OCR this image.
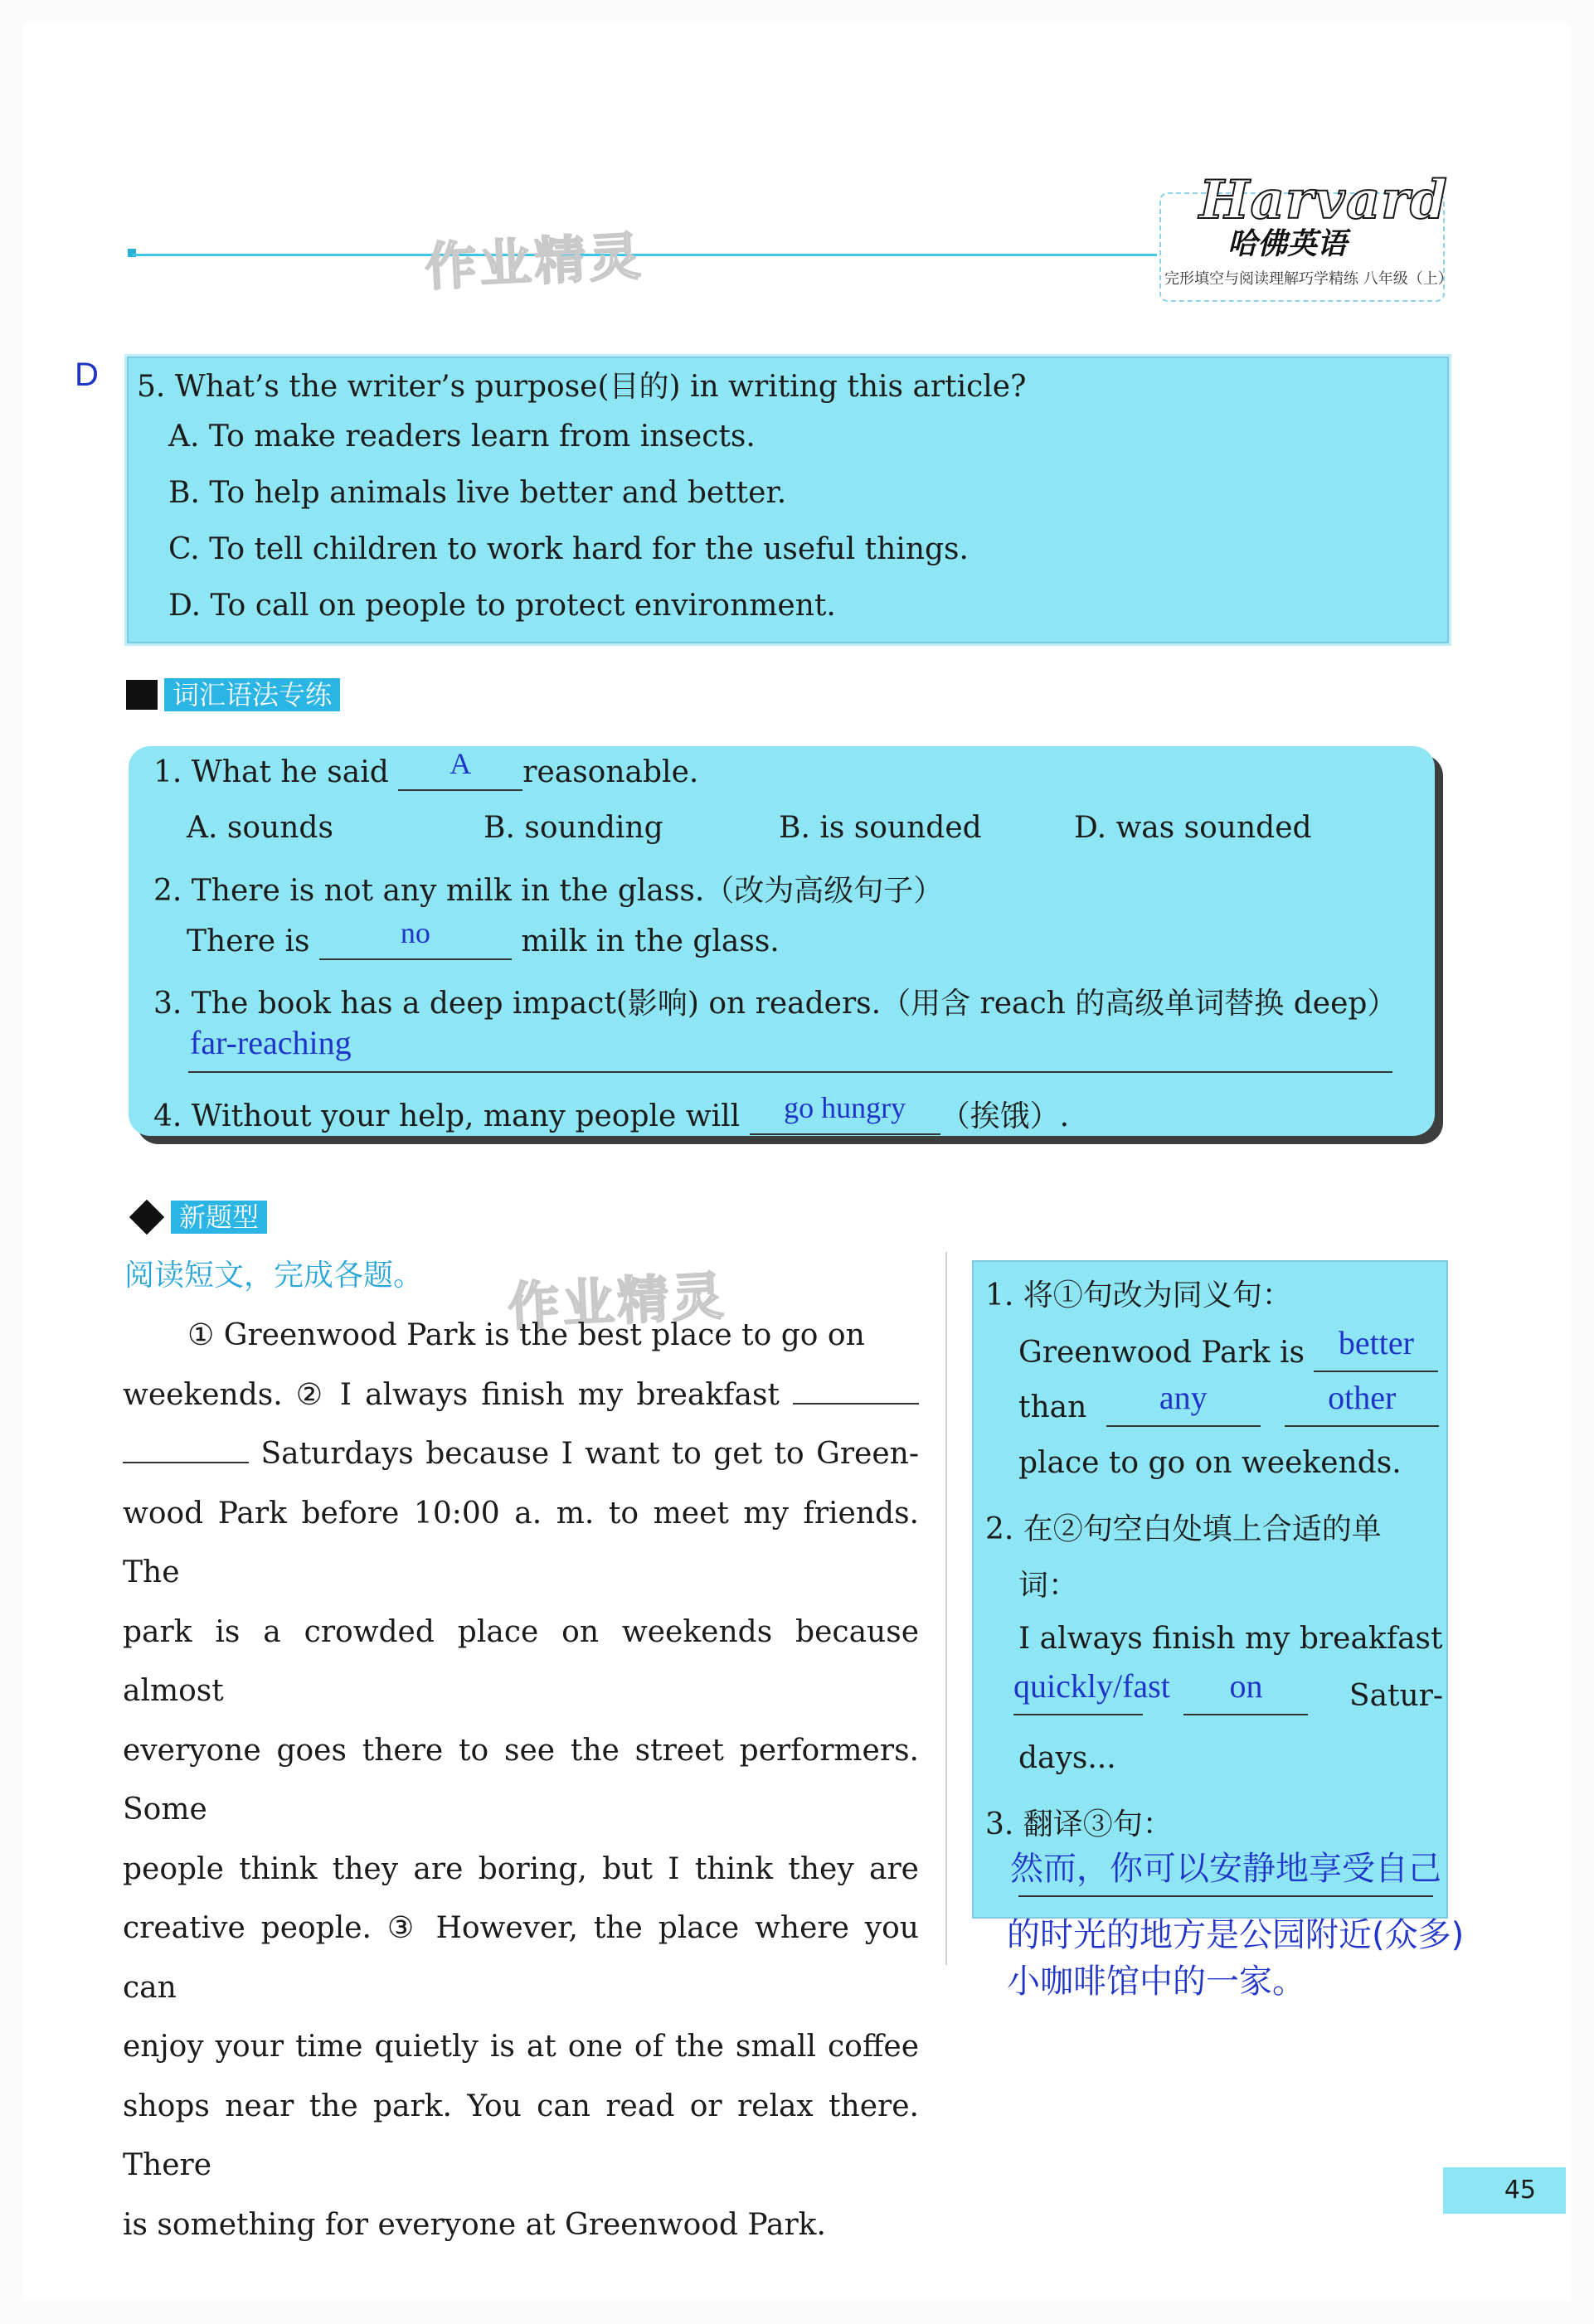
作业精灵
Harvard
哈佛英语
完形填空与阅读理解巧学精练 八年级（上）
D 5. What’s the writer’s purpose(目的) in writing this article?
A. To make readers learn from insects.
B. To help animals live better and better.
C. To tell children to work hard for the useful things.
D. To call on people to protect environment.
词汇语法专练
1. What he said A reasonable.
A. sounds	B. sounding	B. is sounded	D. was sounded
2. There is not any milk in the glass.（改为高级句子）
There is	no	milk in the glass.
3. The book has a deep impact(影响) on readers.（用含 reach 的高级单词替换 deep）
far-reaching
4. Without your help, many people will go hungry （挨饿）.
新题型
阅读短文，完成各题。 作业精灵

① Greenwood Park is the best place to go on

weekends. ② I always finish my breakfast

Saturdays because I want to get to Green-

wood Park before 10:00 a. m. to meet my friends. The

park is a crowded place on weekends because almost

everyone goes there to see the street performers. Some

people think they are boring, but I think they are

creative people. ③ However, the place where you can

enjoy your time quietly is at one of the small coffee

shops near the park. You can read or relax there. There

is something for everyone at Greenwood Park.

1. 将①句改为同义句：
Greenwood Park is better
than any	other
place to go on weekends.
2. 在②句空白处填上合适的单
词：
I always finish my breakfast
quickly/fast on	Satur-
days...
3. 翻译③句：
然而，你可以安静地享受自己
的时光的地方是公园附近(众多)
小咖啡馆中的一家。
45
